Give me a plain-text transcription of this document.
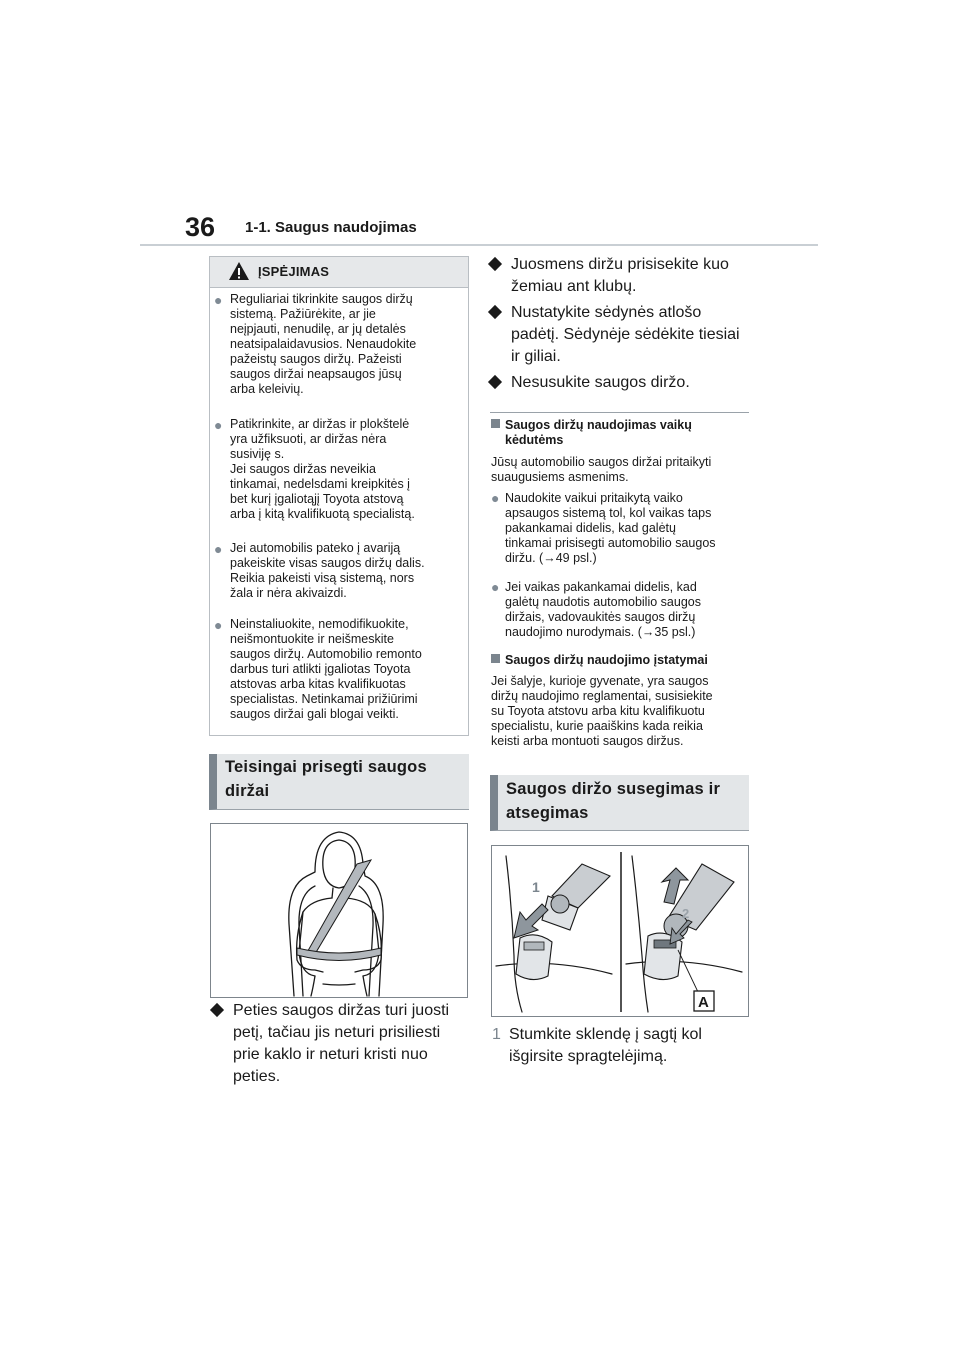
36 1-1. Saugus naudojimas
ĮSPĖJIMAS
● Reguliariai tikrinkite saugos diržų
sistemą. Pažiūrėkite, ar jie
neįpjauti, nenudilę, ar jų detalės
neatsipalaidavusios. Nenaudokite
pažeistų saugos diržų. Pažeisti
saugos diržai neapsaugos jūsų
arba keleivių.
● Patikrinkite, ar diržas ir plokštelė
yra užfiksuoti, ar diržas nėra
susiviję s.
Jei saugos diržas neveikia
tinkamai, nedelsdami kreipkitės į
bet kurį įgaliotąjį Toyota atstovą
arba į kitą kvalifikuotą specialistą.
● Jei automobilis pateko į avariją
pakeiskite visas saugos diržų dalis.
Reikia pakeisti visą sistemą, nors
žala ir nėra akivaizdi.
● Neinstaliuokite, nemodifikuokite,
neišmontuokite ir neišmeskite
saugos diržų. Automobilio remonto
darbus turi atlikti įgaliotas Toyota
atstovas arba kitas kvalifikuotas
specialistas. Netinkamai prižiūrimi
saugos diržai gali blogai veikti.
Teisingai prisegti saugos
diržai
Peties saugos diržas turi juosti
petį, tačiau jis neturi prisiliesti
prie kaklo ir neturi kristi nuo
peties.
Juosmens diržu prisisekite kuo
žemiau ant klubų.
Nustatykite sėdynės atlošo
padėtį. Sėdynėje sėdėkite tiesiai
ir giliai.
Nesusukite saugos diržo.
Saugos diržų naudojimas vaikų
kėdutėms
Jūsų automobilio saugos diržai pritaikyti
suaugusiems asmenims.
● Naudokite vaikui pritaikytą vaiko
apsaugos sistemą tol, kol vaikas taps
pakankamai didelis, kad galėtų
tinkamai prisisegti automobilio saugos
diržu. (→49 psl.)
● Jei vaikas pakankamai didelis, kad
galėtų naudotis automobilio saugos
diržais, vadovaukitės saugos diržų
naudojimo nurodymais. (→35 psl.)
Saugos diržų naudojimo įstatymai
Jei šalyje, kurioje gyvenate, yra saugos
diržų naudojimo reglamentai, susisiekite
su Toyota atstovu arba kitu kvalifikuotu
specialistu, kurie paaiškins kada reikia
keisti arba montuoti saugos diržus.
Saugos diržo susegimas ir
atsegimas
1
2
A
1 Stumkite sklendę į sagtį kol
išgirsite spragtelėjimą.
